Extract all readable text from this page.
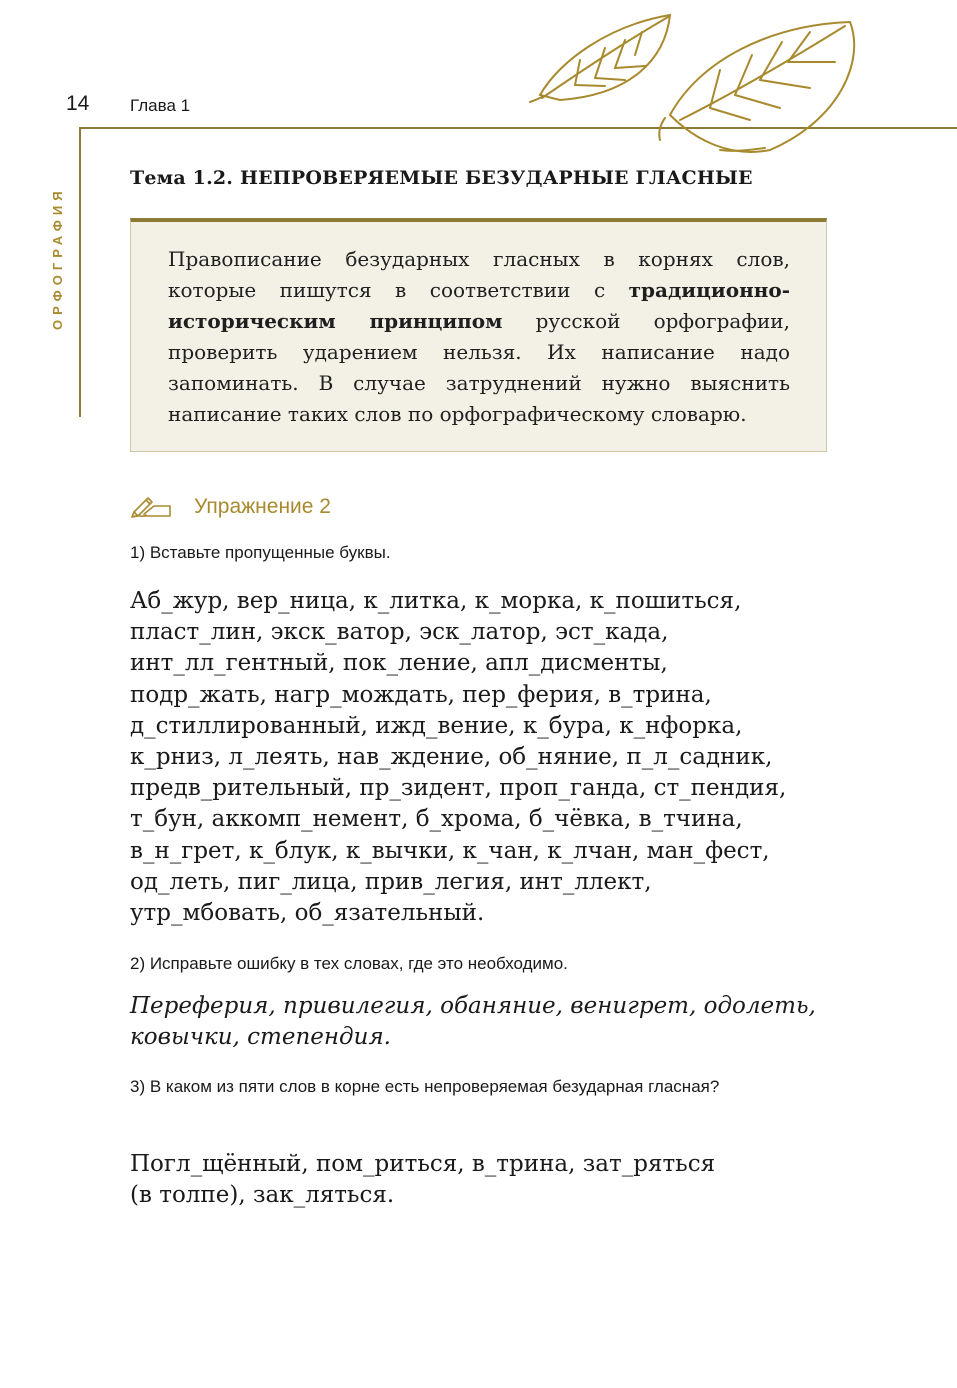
14 Глава 1
ОРФОГРАФИЯ
Тема 1.2. НЕПРОВЕРЯЕМЫЕ БЕЗУДАРНЫЕ ГЛАСНЫЕ

Правописание безударных гласных в корнях слов, которые пишутся в соответствии с традиционно-историческим принципом русской орфографии, проверить ударением нельзя. Их написание надо запоминать. В случае затруднений нужно выяснить написание таких слов по орфографическому словарю.

Упражнение 2
1) Вставьте пропущенные буквы.
Аб_жур, вер_ница, к_литка, к_морка, к_пошиться,
пласт_лин, экск_ватор, эск_латор, эст_када,
инт_лл_гентный, пок_ление, апл_дисменты,
подр_жать, нагр_мождать, пер_ферия, в_трина,
д_стиллированный, ижд_вение, к_бура, к_нфорка,
к_рниз, л_леять, нав_ждение, об_няние, п_л_садник,
предв_рительный, пр_зидент, проп_ганда, ст_пендия,
т_бун, аккомп_немент, б_хрома, б_чёвка, в_тчина,
в_н_грет, к_блук, к_вычки, к_чан, к_лчан, ман_фест,
од_леть, пиг_лица, прив_легия, инт_ллект,
утр_мбовать, об_язательный.
2) Исправьте ошибку в тех словах, где это необходимо.
Переферия, привилегия, обаняние, венигрет, одолеть,
ковычки, степендия.
3) В каком из пяти слов в корне есть непроверяемая безударная гласная?
Погл_щённый, пом_риться, в_трина, зат_ряться
(в толпе), зак_ляться.
